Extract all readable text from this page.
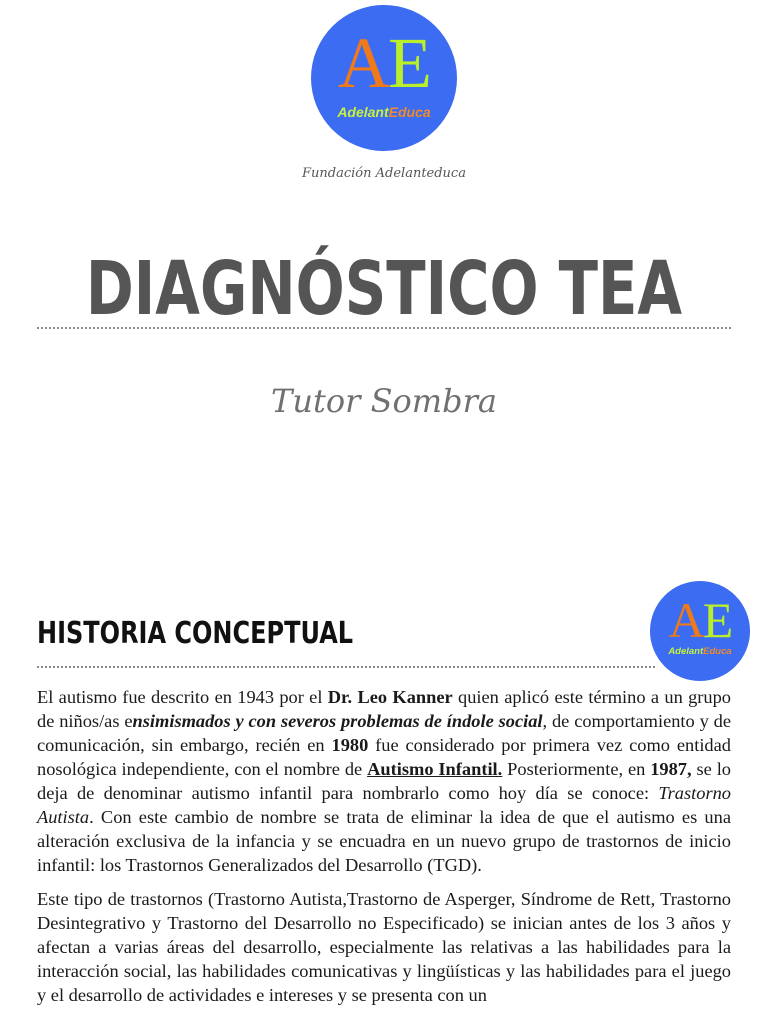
AE
AdelantEduca
Fundación Adelanteduca
DIAGNÓSTICO TEA
Tutor Sombra
HISTORIA CONCEPTUAL	AE
AdelantEduca

El autismo fue descrito en 1943 por el Dr. Leo Kanner quien aplicó este término a un grupo de niños/as ensimismados y con severos problemas de índole social, de comportamiento y de comunicación, sin embargo, recién en 1980 fue considerado por primera vez como entidad nosológica independiente, con el nombre de Autismo Infantil. Posteriormente, en 1987, se lo deja de denominar autismo infantil para nombrarlo como hoy día se conoce: Trastorno Autista. Con este cambio de nombre se trata de eliminar la idea de que el autismo es una alteración exclusiva de la infancia y se encuadra en un nuevo grupo de trastornos de inicio infantil: los Trastornos Generalizados del Desarrollo (TGD).

Este tipo de trastornos (Trastorno Autista,Trastorno de Asperger, Síndrome de Rett, Trastorno Desintegrativo y Trastorno del Desarrollo no Especificado) se inician antes de los 3 años y afectan a varias áreas del desarrollo, especialmente las relativas a las habilidades para la interacción social, las habilidades comunicativas y lingüísticas y las habilidades para el juego y el desarrollo de actividades e intereses y se presenta con un
